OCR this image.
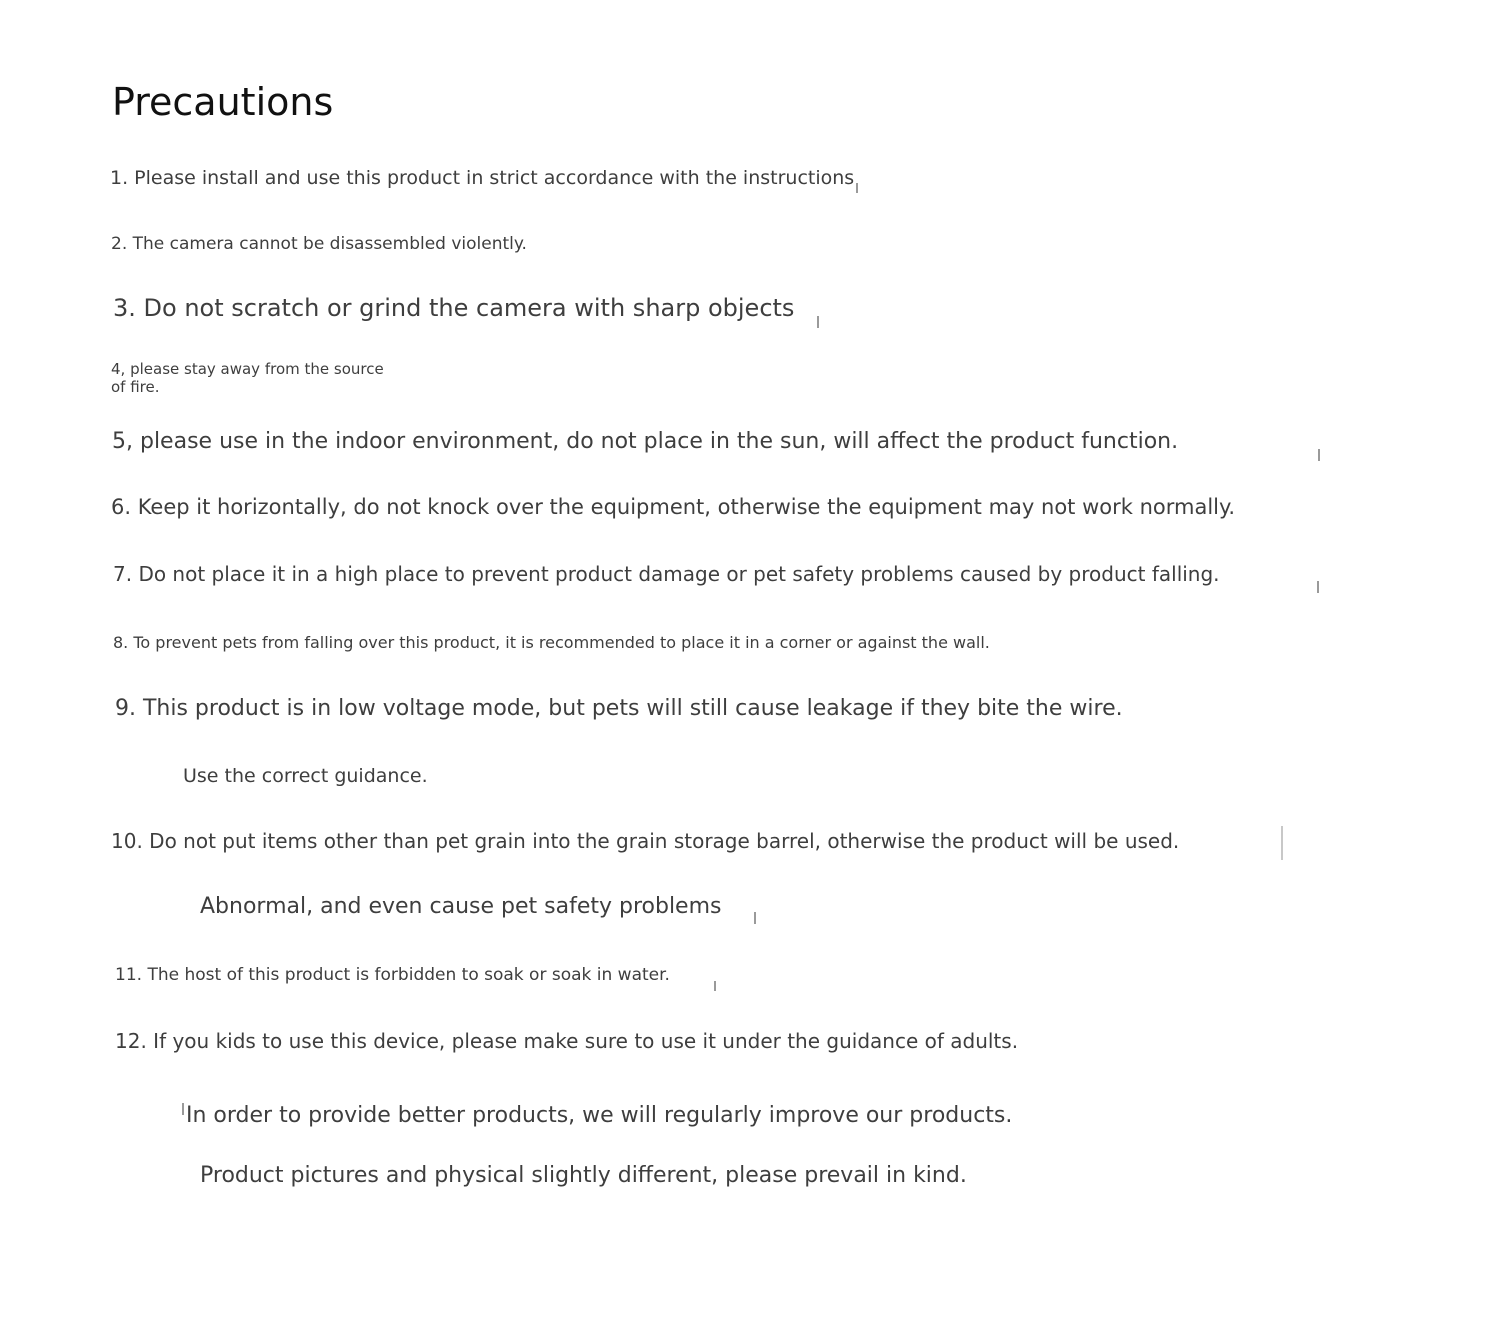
Precautions
1. Please install and use this product in strict accordance with the instructions
2. The camera cannot be disassembled violently.
3. Do not scratch or grind the camera with sharp objects
4, please stay away from the source of fire.
5, please use in the indoor environment, do not place in the sun, will affect the product function.
6. Keep it horizontally, do not knock over the equipment, otherwise the equipment may not work normally.
7. Do not place it in a high place to prevent product damage or pet safety problems caused by product falling.
8. To prevent pets from falling over this product, it is recommended to place it in a corner or against the wall.
9. This product is in low voltage mode, but pets will still cause leakage if they bite the wire.
Use the correct guidance.
10. Do not put items other than pet grain into the grain storage barrel, otherwise the product will be used.
Abnormal, and even cause pet safety problems
11. The host of this product is forbidden to soak or soak in water.
12. If you kids to use this device, please make sure to use it under the guidance of adults.
In order to provide better products, we will regularly improve our products.
Product pictures and physical slightly different, please prevail in kind.
